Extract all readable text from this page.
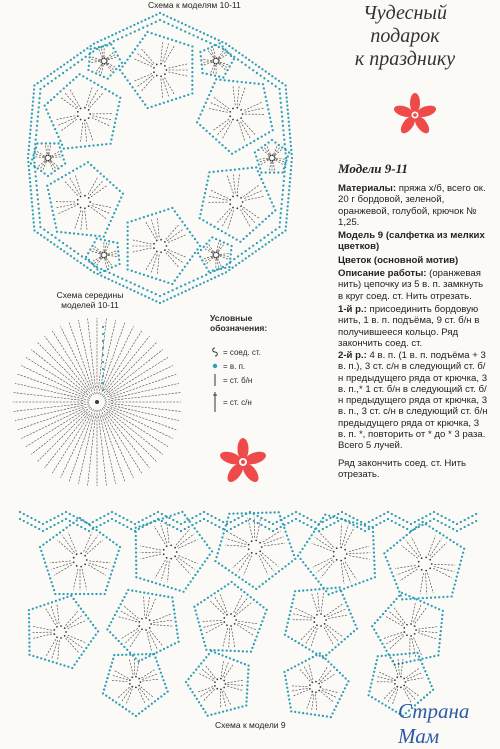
Схема к моделям 10-11
Схема середины
моделей 10-11
Условные
обозначения:
= соед. ст.
= в. п.
= ст. б/н
= ст. с/н
Чудесный
подарок
к празднику
Модели 9-11
Материалы: пряжа х/б, всего ок. 20 г бордовой, зеленой, оранжевой, голубой, крючок № 1,25.
Модель 9 (салфетка из мелких цветков)
Цветок (основной мотив)
Описание работы: (оранжевая нить) цепочку из 5 в. п. замкнуть в круг соед. ст. Нить отрезать.
1-й р.: присоединить бордовую нить, 1 в. п. подъёма, 9 ст. б/н в получившееся кольцо. Ряд закончить соед. ст.
2-й р.: 4 в. п. (1 в. п. подъёма + 3 в. п.), 3 ст. с/н в следующий ст. б/н предыдущего ряда от крючка, 3 в. п.,* 1 ст. б/н в следующий ст. б/н предыдущего ряда от крючка, 3 в. п., 3 ст. с/н в следующий ст. б/н предыдущего ряда от крючка, 3 в. п. *, повторить от * до * 3 раза. Всего 5 лучей.
Ряд закончить соед. ст. Нить отрезать.
Схема к модели 9
Страна Мам
